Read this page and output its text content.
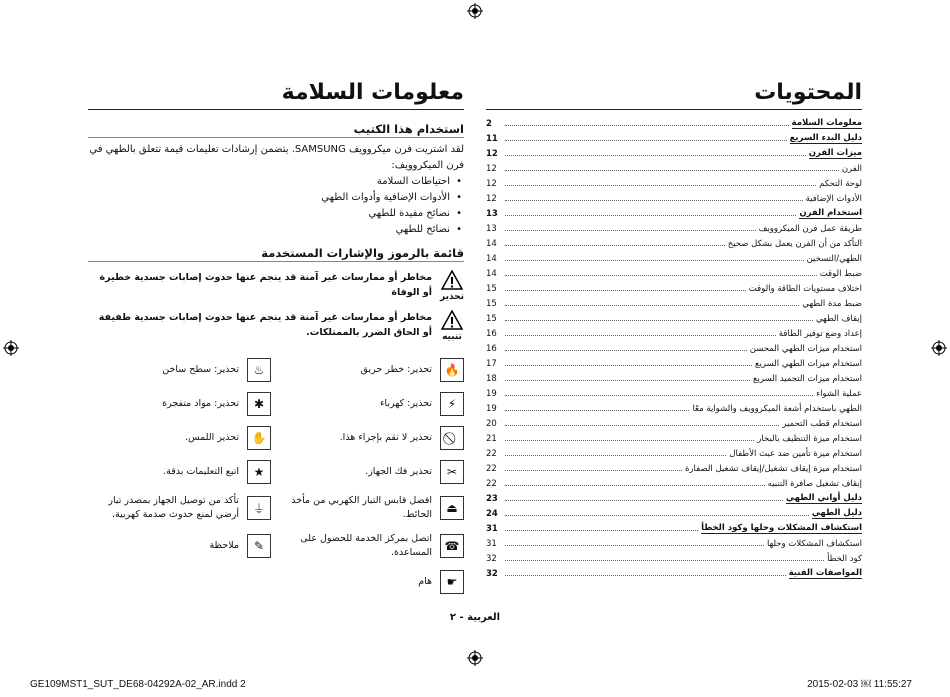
معلومات السلامة
استخدام هذا الكتيب
لقد اشتريت فرن ميكروويف SAMSUNG. يتضمن إرشادات تعليمات قيمة تتعلق بالطهي في فرن الميكروويف:
• احتياطات السلامة
• الأدوات الإضافية وأدوات الطهي
• نصائح مفيدة للطهي
• نصائح للطهي
قائمة بالرموز والإشارات المستخدمة
تحذير
مخاطر أو ممارسات غير آمنة قد ينجم عنها حدوث إصابات جسدية خطيرة أو الوفاة
تنبيه
مخاطر أو ممارسات غير آمنة قد ينجم عنها حدوث إصابات جسدية طفيفة أو الحاق الضرر بالممتلكات.
🔥
تحذير: خطر حريق
♨
تحذير: سطح ساخن
⚡
تحذير: كهرباء
✱
تحذير: مواد متفجرة
تحذير لا تقم بإجراء هذا.
✋
تحذير اللمس.
✂
تحذير فك الجهاز.
★
اتبع التعليمات بدقة.
⏏
افصل قابس التيار الكهربي من مأخذ الحائط.
⏚
تأكد من توصيل الجهاز بمصدر تيار أرضي لمنع حدوث صدمة كهربية.
☎
اتصل بمركز الخدمة للحصول على المساعدة.
✎
ملاحظة
☛
هام
المحتويات
معلومات السلامة
2
دليل البدء السريع
11
ميزات الفرن
12
الفرن
12
لوحة التحكم
12
الأدوات الإضافية
12
استخدام الفرن
13
طريقة عمل فرن الميكروويف
13
التأكد من أن الفرن يعمل بشكل صحيح
14
الطهي/التسخين
14
ضبط الوقت
14
اختلاف مستويات الطاقة والوقت
15
ضبط مدة الطهي
15
إيقاف الطهي
15
إعداد وضع توفير الطاقة
16
استخدام ميزات الطهي المحسن
16
استخدام ميزات الطهي السريع
17
استخدام ميزات التجميد السريع
18
عملية الشواء
19
الطهي باستخدام أشعة الميكروويف والشواية معًا
19
استخدام قطب التحمير
20
استخدام ميزة التنظيف بالبخار
21
استخدام ميزة تأمين ضد عبث الأطفال
22
استخدام ميزة إيقاف تشغيل/إيقاف تشغيل الصفارة
22
إيقاف تشغيل صافرة التنبيه
22
دليل أواني الطهي
23
دليل الطهي
24
استكشاف المشكلات وحلها وكود الخطأ
31
استكشاف المشكلات وحلها
31
كود الخطأ
32
المواصفات الفنية
32
العربية - ٢
GE109MST1_SUT_DE68-04292A-02_AR.indd 2	2015-02-03 ￼ 11:55:27
